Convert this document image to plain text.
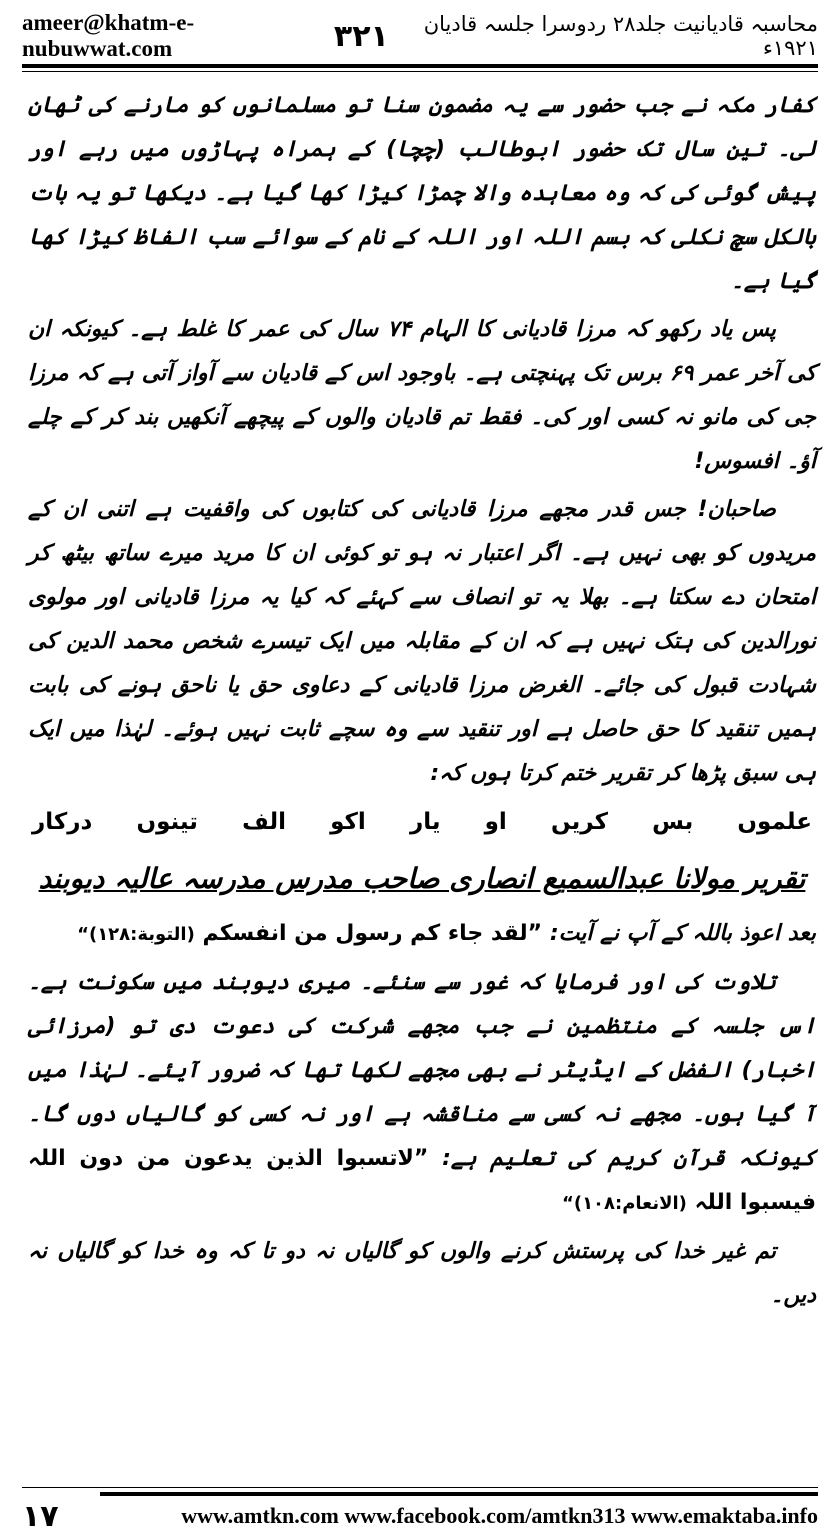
ameer@khatm-e-nubuwwat.com	۳۲۱	محاسبہ قادیانیت جلد۲۸ ردوسرا جلسہ قادیان ۱۹۲۱ء

کفار مکہ نے جب حضور سے یہ مضمون سنا تو مسلمانوں کو مارنے کی ٹھان لی۔ تین سال تک حضور ابوطالب (چچا) کے ہمراہ پہاڑوں میں رہے اور پیش گوئی کی کہ وہ معاہدہ والا چمڑا کیڑا کھا گیا ہے۔ دیکھا تو یہ بات بالکل سچ نکلی کہ بسم اللہ اور اللہ کے نام کے سوائے سب الفاظ کیڑا کھا گیا ہے۔

پس یاد رکھو کہ مرزا قادیانی کا الہام ۷۴ سال کی عمر کا غلط ہے۔ کیونکہ ان کی آخر عمر ۶۹ برس تک پہنچتی ہے۔ باوجود اس کے قادیان سے آواز آتی ہے کہ مرزا جی کی مانو نہ کسی اور کی۔ فقط تم قادیان والوں کے پیچھے آنکھیں بند کر کے چلے آؤ۔ افسوس!

صاحبان! جس قدر مجھے مرزا قادیانی کی کتابوں کی واقفیت ہے اتنی ان کے مریدوں کو بھی نہیں ہے۔ اگر اعتبار نہ ہو تو کوئی ان کا مرید میرے ساتھ بیٹھ کر امتحان دے سکتا ہے۔ بھلا یہ تو انصاف سے کہئے کہ کیا یہ مرزا قادیانی اور مولوی نورالدین کی ہتک نہیں ہے کہ ان کے مقابلہ میں ایک تیسرے شخص محمد الدین کی شہادت قبول کی جائے۔ الغرض مرزا قادیانی کے دعاوی حق یا ناحق ہونے کی بابت ہمیں تنقید کا حق حاصل ہے اور تنقید سے وہ سچے ثابت نہیں ہوئے۔ لہٰذا میں ایک ہی سبق پڑھا کر تقریر ختم کرتا ہوں کہ:

علموں
بس
کریں
او
یار
اکو
الف
تینوں
درکار
تقریر مولانا عبدالسمیع انصاری صاحب مدرس مدرسہ عالیہ دیوبند

بعد اعوذ باللہ کے آپ نے آیت: ”لقد جاء کم رسول من انفسکم (التوبة:۱۲۸)“

تلاوت کی اور فرمایا کہ غور سے سنئے۔ میری دیوبند میں سکونت ہے۔ اس جلسہ کے منتظمین نے جب مجھے شرکت کی دعوت دی تو (مرزائی اخبار) الفضل کے ایڈیٹر نے بھی مجھے لکھا تھا کہ ضرور آیئے۔ لہٰذا میں آ گیا ہوں۔ مجھے نہ کسی سے مناقشہ ہے اور نہ کسی کو گالیاں دوں گا۔ کیونکہ قرآن کریم کی تعلیم ہے: ”لاتسبوا الذین یدعون من دون اللہ فیسبوا اللہ (الانعام:۱۰۸)“

تم غیر خدا کی پرستش کرنے والوں کو گالیاں نہ دو تا کہ وہ خدا کو گالیاں نہ دیں۔

۱۷	www.amtkn.com www.facebook.com/amtkn313 www.emaktaba.info
